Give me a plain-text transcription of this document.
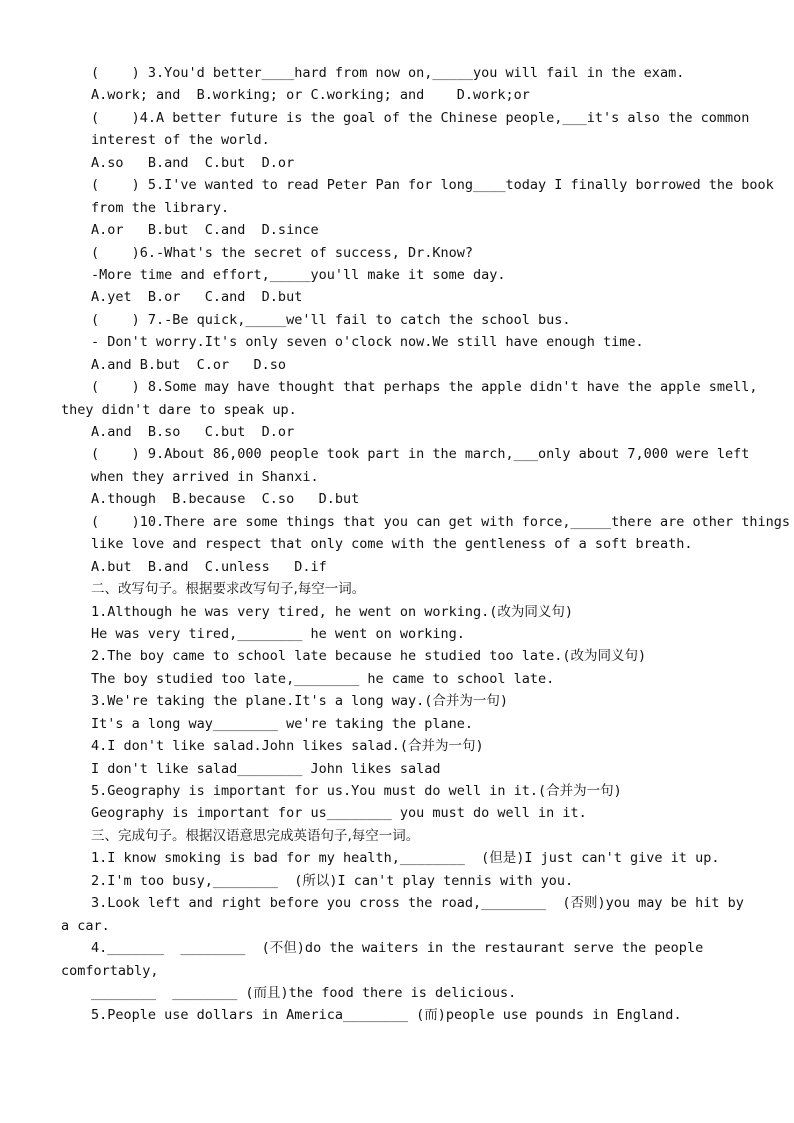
(    ) 3.You'd better____hard from now on,_____you will fail in the exam.
A.work; and  B.working; or C.working; and    D.work;or
(    )4.A better future is the goal of the Chinese people,___it's also the common
interest of the world.
A.so   B.and  C.but  D.or
(    ) 5.I've wanted to read Peter Pan for long____today I finally borrowed the book
from the library.
A.or   B.but  C.and  D.since
(    )6.-What's the secret of success, Dr.Know?
-More time and effort,_____you'll make it some day.
A.yet  B.or   C.and  D.but
(    ) 7.-Be quick,_____we'll fail to catch the school bus.
- Don't worry.It's only seven o'clock now.We still have enough time.
A.and B.but  C.or   D.so
(    ) 8.Some may have thought that perhaps the apple didn't have the apple smell,
they didn't dare to speak up.
A.and  B.so   C.but  D.or
(    ) 9.About 86,000 people took part in the march,___only about 7,000 were left
when they arrived in Shanxi.
A.though  B.because  C.so   D.but
(    )10.There are some things that you can get with force,_____there are other things
like love and respect that only come with the gentleness of a soft breath.
A.but  B.and  C.unless   D.if
二、改写句子。根据要求改写句子,每空一词。
1.Although he was very tired, he went on working.(改为同义句)
He was very tired,________ he went on working.
2.The boy came to school late because he studied too late.(改为同义句)
The boy studied too late,________ he came to school late.
3.We're taking the plane.It's a long way.(合并为一句)
It's a long way________ we're taking the plane.
4.I don't like salad.John likes salad.(合并为一句)
I don't like salad________ John likes salad
5.Geography is important for us.You must do well in it.(合并为一句)
Geography is important for us________ you must do well in it.
三、完成句子。根据汉语意思完成英语句子,每空一词。
1.I know smoking is bad for my health,________  (但是)I just can't give it up.
2.I'm too busy,________  (所以)I can't play tennis with you.
3.Look left and right before you cross the road,________  (否则)you may be hit by
a car.
4._______  ________  (不但)do the waiters in the restaurant serve the people
comfortably,
________  ________ (而且)the food there is delicious.
5.People use dollars in America________ (而)people use pounds in England.
